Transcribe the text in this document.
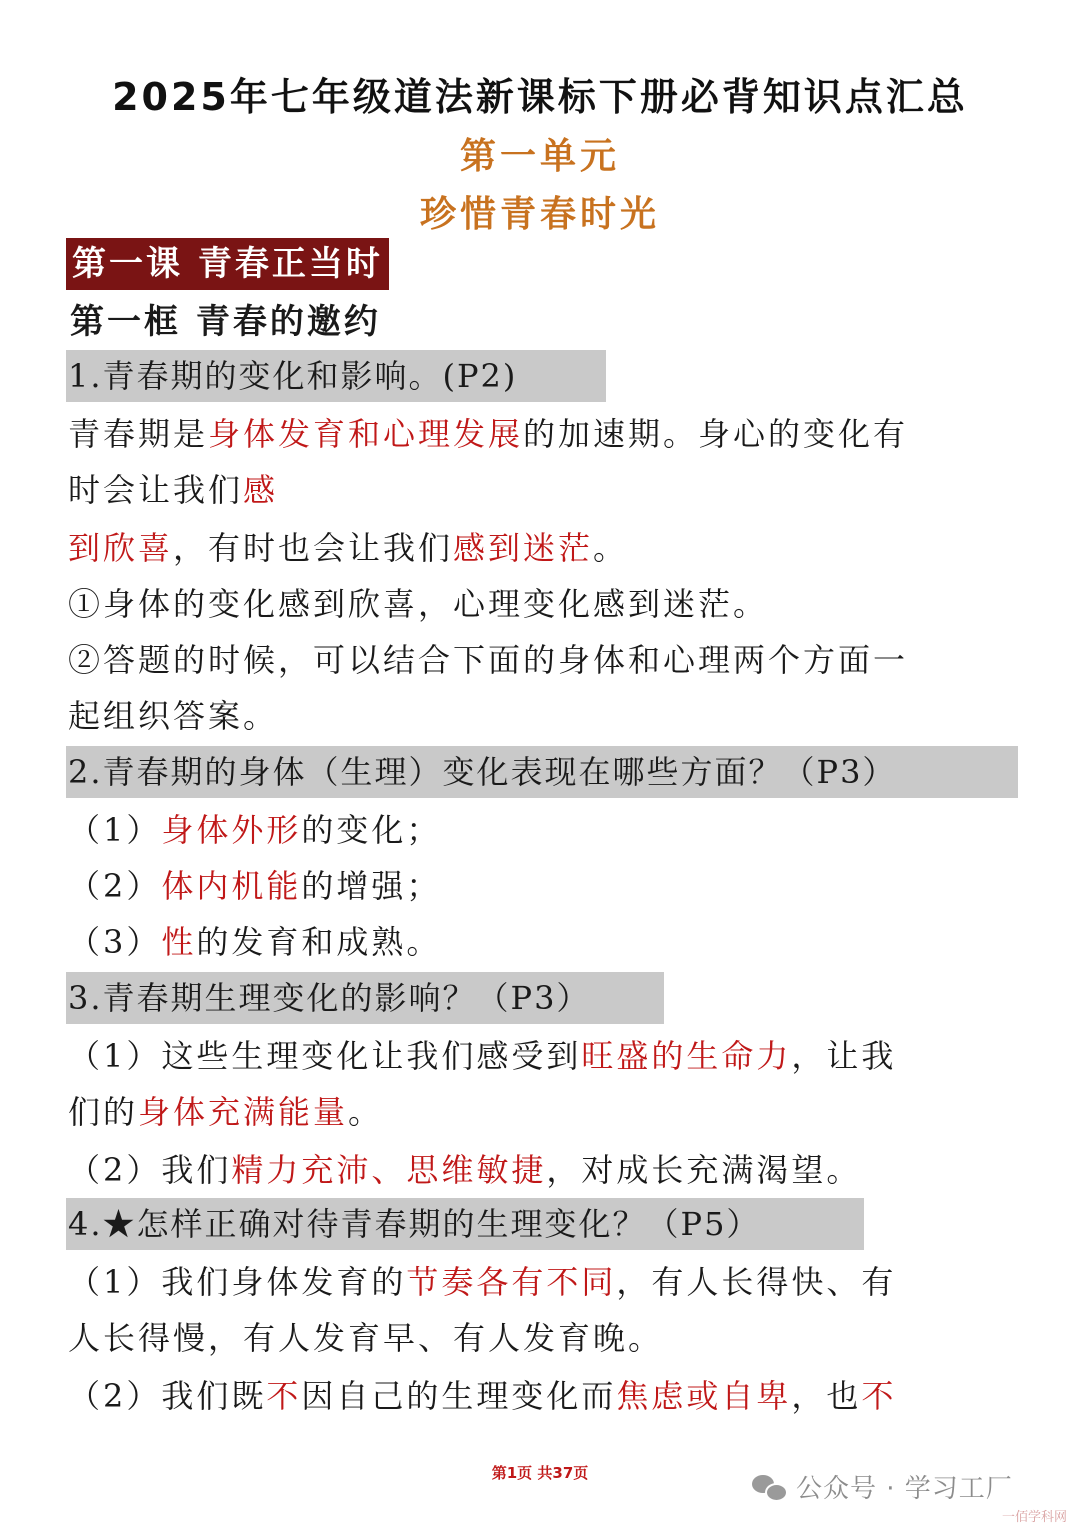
2025年七年级道法新课标下册必背知识点汇总
第一单元
珍惜青春时光
第一课 青春正当时
第一框 青春的邀约
1.青春期的变化和影响。(P2)
青春期是身体发育和心理发展的加速期。身心的变化有
时会让我们感
到欣喜，有时也会让我们感到迷茫。
①身体的变化感到欣喜，心理变化感到迷茫。
②答题的时候，可以结合下面的身体和心理两个方面一
起组织答案。
2.青春期的身体（生理）变化表现在哪些方面？（P3）
（1）身体外形的变化；
（2）体内机能的增强；
（3）性的发育和成熟。
3.青春期生理变化的影响？（P3）
（1）这些生理变化让我们感受到旺盛的生命力，让我
们的身体充满能量。
（2）我们精力充沛、思维敏捷，对成长充满渴望。
4.★怎样正确对待青春期的生理变化？（P5）
（1）我们身体发育的节奏各有不同，有人长得快、有
人长得慢，有人发育早、有人发育晚。
（2）我们既不因自己的生理变化而焦虑或自卑，也不
第1页 共37页
公众号 · 学习工厂
一佰学科网
